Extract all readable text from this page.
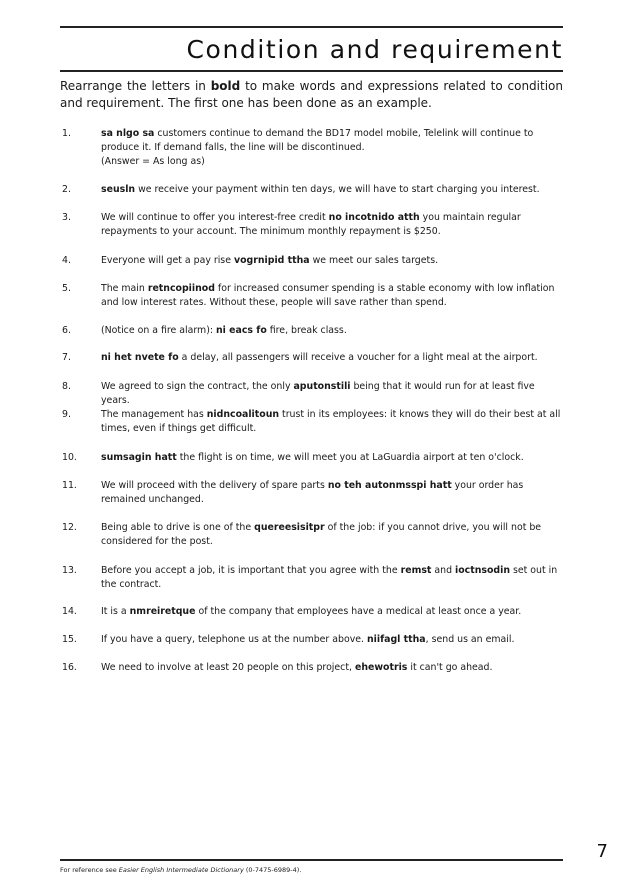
Condition and requirement

Rearrange the letters in bold to make words and expressions related to condition and requirement. The first one has been done as an example.

1.	sa nlgo sa customers continue to demand the BD17 model mobile, Telelink will continue to produce it. If demand falls, the line will be discontinued.
(Answer = As long as)
2.	seusln we receive your payment within ten days, we will have to start charging you interest.
3.	We will continue to offer you interest-free credit no incotnido atth you maintain regular repayments to your account. The minimum monthly repayment is $250.
4.	Everyone will get a pay rise vogrnipid ttha we meet our sales targets.
5.	The main retncopiinod for increased consumer spending is a stable economy with low inflation and low interest rates. Without these, people will save rather than spend.
6.	(Notice on a fire alarm): ni eacs fo fire, break class.
7.	ni het nvete fo a delay, all passengers will receive a voucher for a light meal at the airport.
8.	We agreed to sign the contract, the only aputonstili being that it would run for at least five years.
9.	The management has nidncoalitoun trust in its employees: it knows they will do their best at all times, even if things get difficult.
10.	sumsagin hatt the flight is on time, we will meet you at LaGuardia airport at ten o'clock.
11.	We will proceed with the delivery of spare parts no teh autonmsspi hatt your order has remained unchanged.
12.	Being able to drive is one of the quereesisitpr of the job: if you cannot drive, you will not be considered for the post.
13.	Before you accept a job, it is important that you agree with the remst and ioctnsodin set out in the contract.
14.	It is a nmreiretque of the company that employees have a medical at least once a year.
15.	If you have a query, telephone us at the number above. niifagl ttha, send us an email.
16.	We need to involve at least 20 people on this project, ehewotris it can't go ahead.
7
For reference see Easier English Intermediate Dictionary (0-7475-6989-4).
